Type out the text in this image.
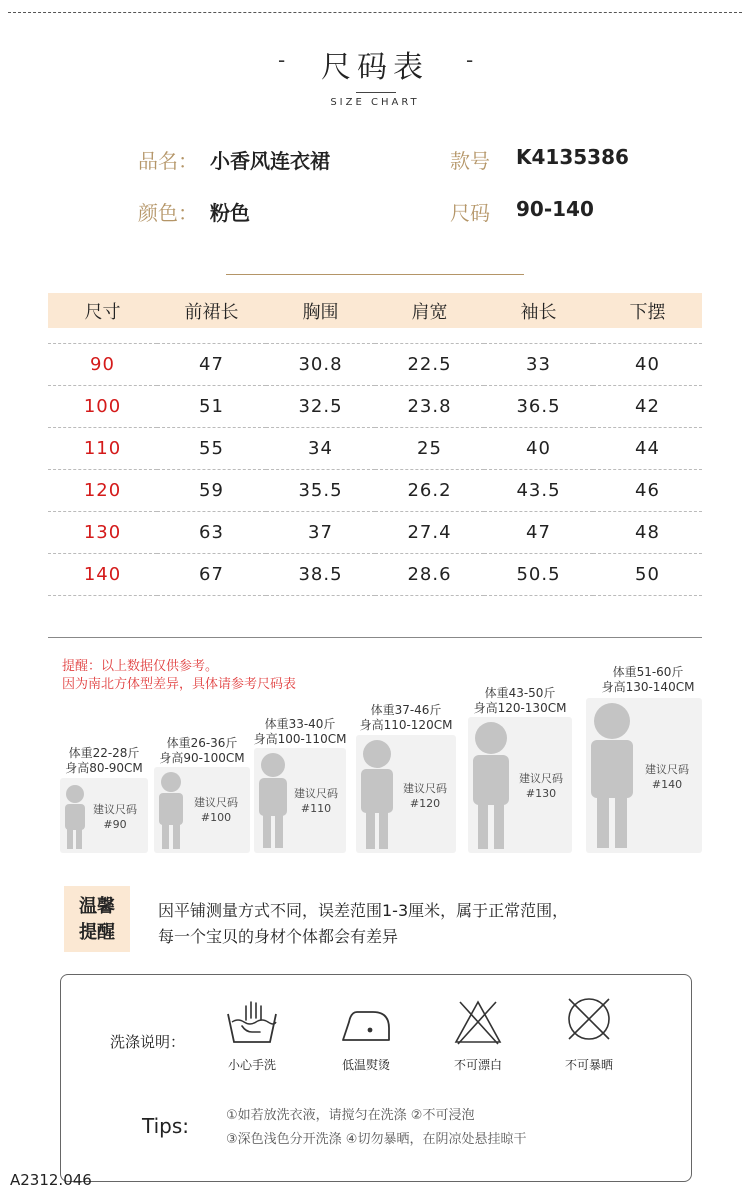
-	尺码表	-
SIZE CHART
品名： 小香风连衣裙	款号 K4135386
颜色： 粉色	尺码 90-140
尺寸	前裙长	胸围	肩宽	袖长	下摆

90	47	30.8	22.5	33	40
100	51	32.5	23.8	36.5	42
110	55	34	25	40	44
120	59	35.5	26.2	43.5	46
130	63	37	27.4	47	48
140	67	38.5	28.6	50.5	50
提醒：以上数据仅供参考。
因为南北方体型差异，具体请参考尺码表
体重22-28斤
身高80-90CM
建议尺码
#90
体重26-36斤
身高90-100CM
建议尺码
#100
体重33-40斤
身高100-110CM
建议尺码
#110
体重37-46斤
身高110-120CM
建议尺码
#120
体重43-50斤
身高120-130CM
建议尺码
#130
体重51-60斤
身高130-140CM
建议尺码
#140
温馨
提醒
因平铺测量方式不同，误差范围1-3厘米，属于正常范围，
每一个宝贝的身材个体都会有差异
洗涤说明：
小心手洗	低温熨烫	不可漂白	不可暴晒
Tips:	①如若放洗衣液，请搅匀在洗涤 ②不可浸泡
③深色浅色分开洗涤 ④切勿暴晒，在阴凉处悬挂晾干
A2312.046
